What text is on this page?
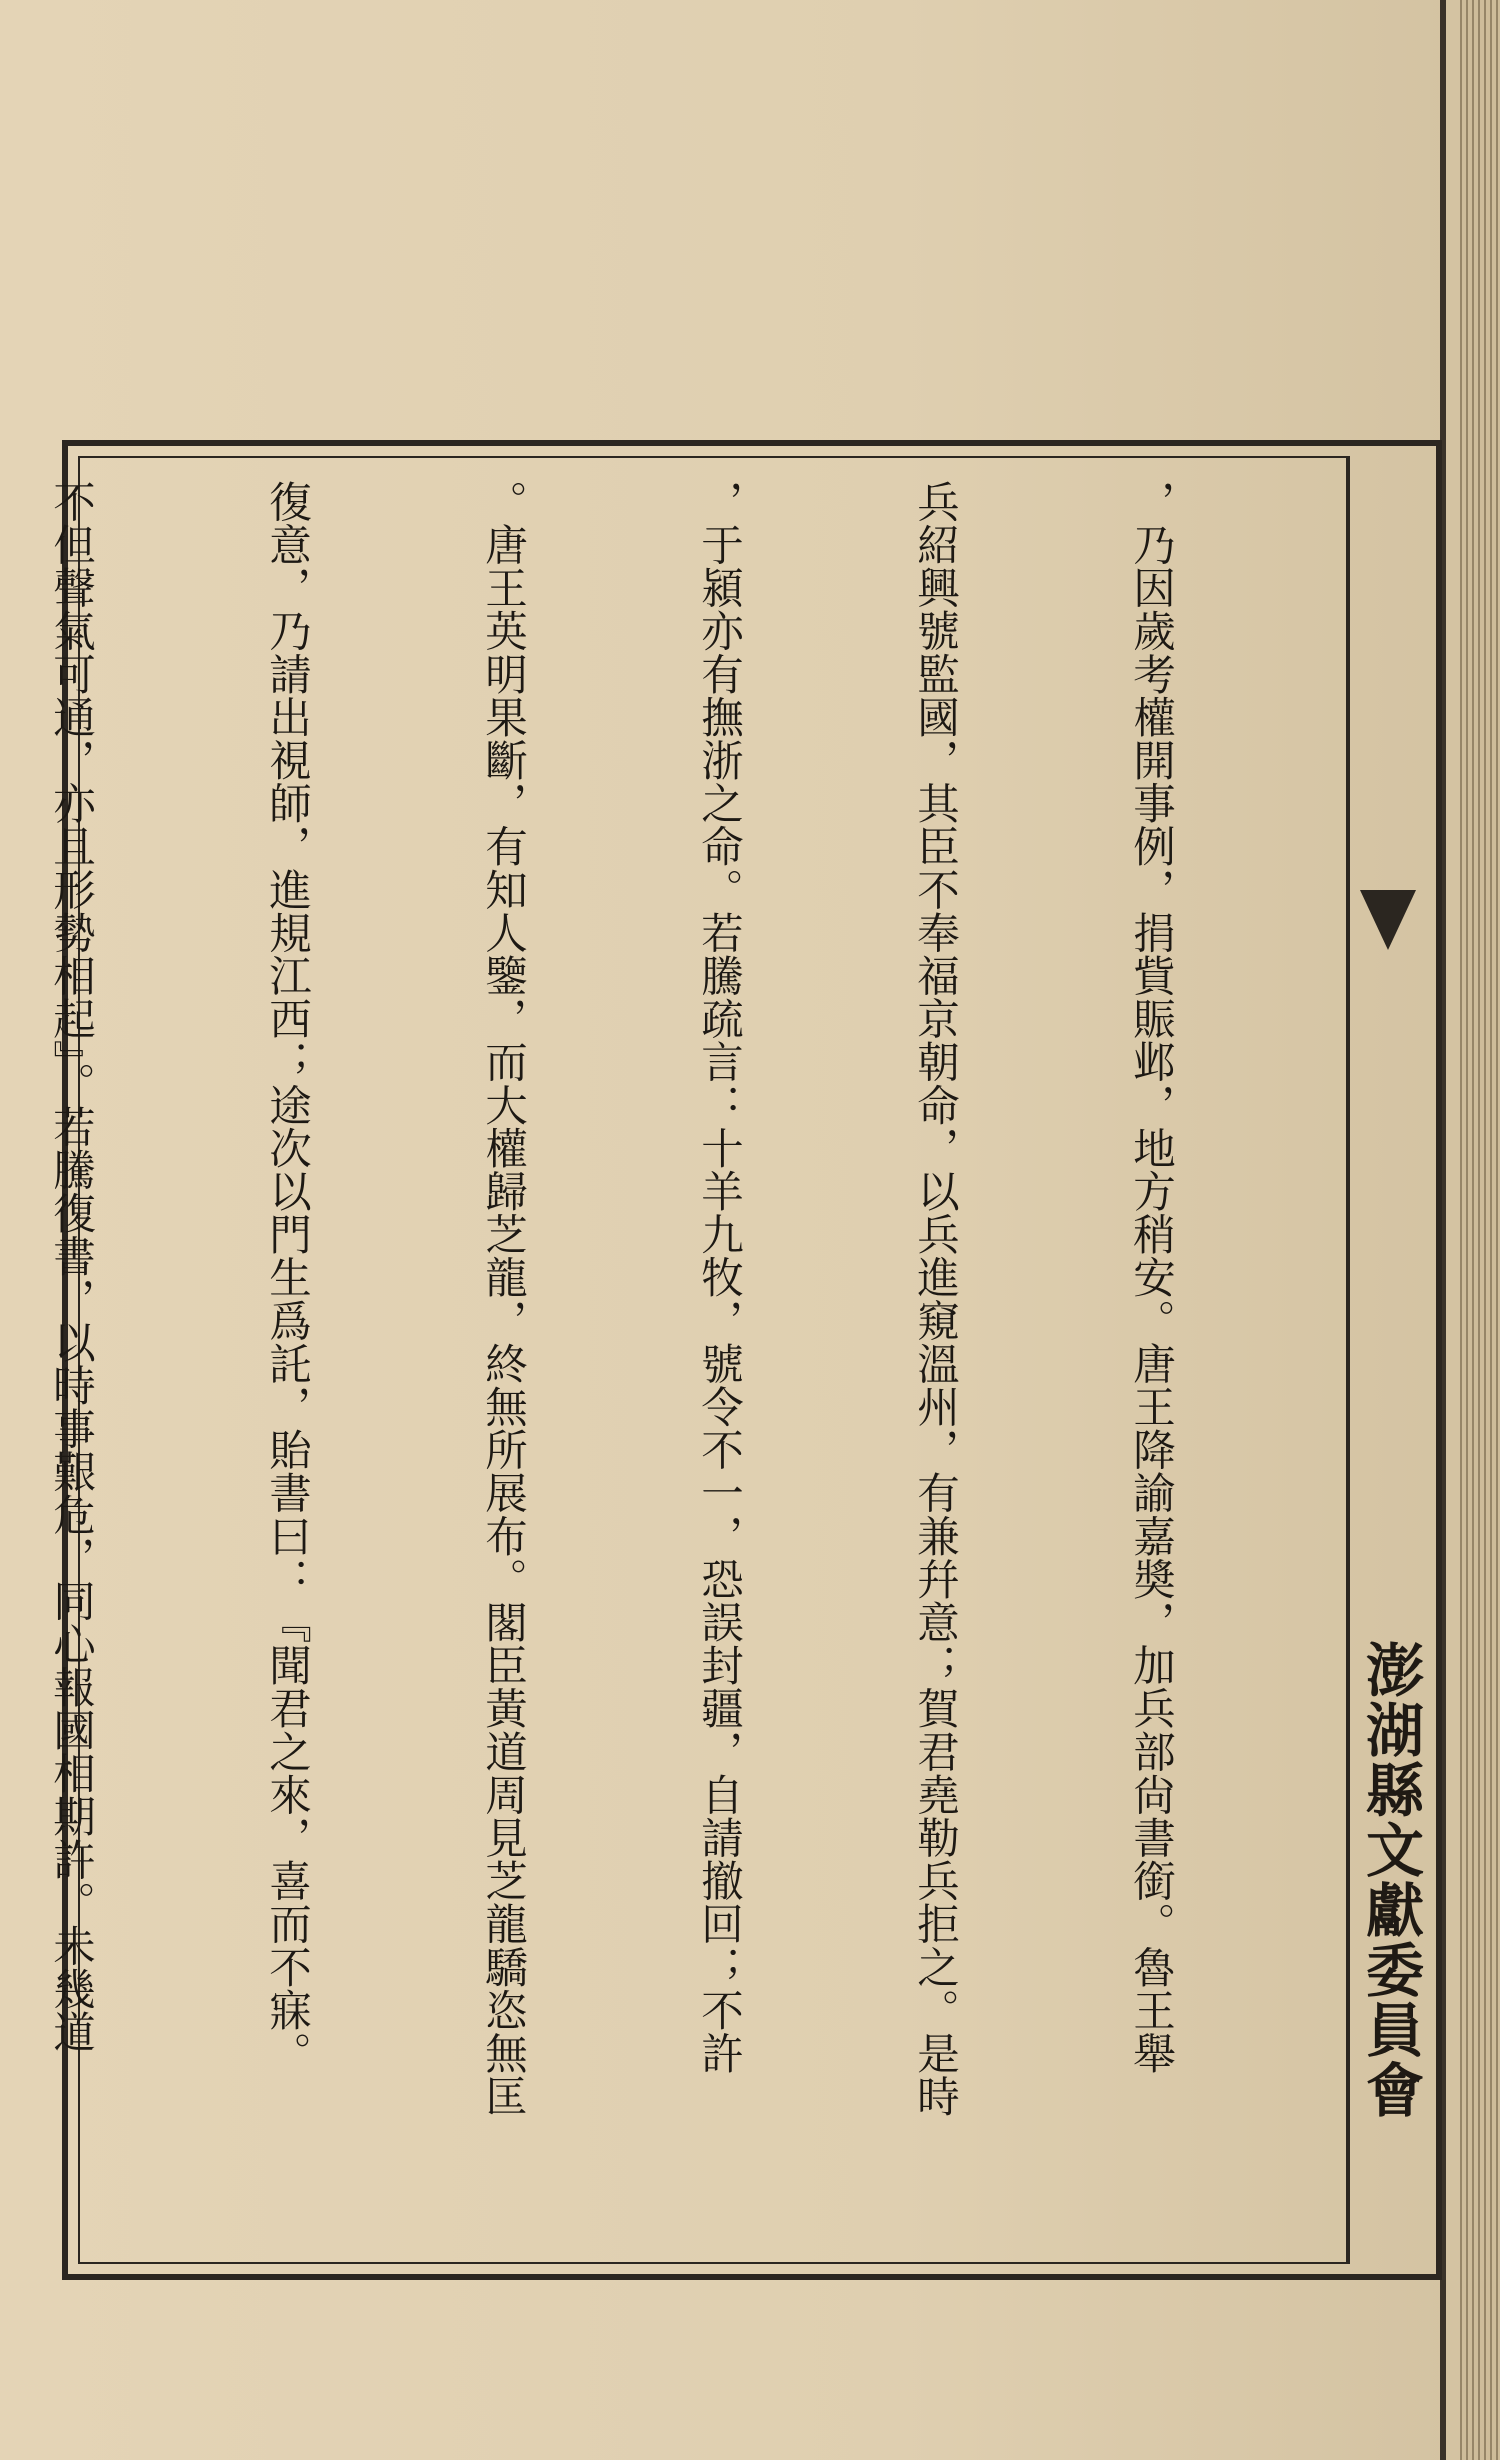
澎湖縣文獻委員會

，乃因歲考權開事例，捐貲賑邺，地方稍安。唐王降諭嘉奬，加兵部尙書銜。魯王舉

兵紹興號監國，其臣不奉福京朝命，以兵進窺溫州，有兼幷意；賀君堯勒兵拒之。是時

，于潁亦有撫浙之命。若騰疏言：十羊九牧，號令不一，恐誤封疆，自請撤回；不許

。唐王英明果斷，有知人鑒，而大權歸芝龍，終無所展布。閣臣黃道周見芝龍驕恣無匡

復意，乃請出視師，進規江西；途次以門生爲託，貽書曰：『聞君之來，喜而不寐。

不但聲氣可通，亦且形勢相起』。若騰復書，以時事艱危，同心報國相期許。未幾道
